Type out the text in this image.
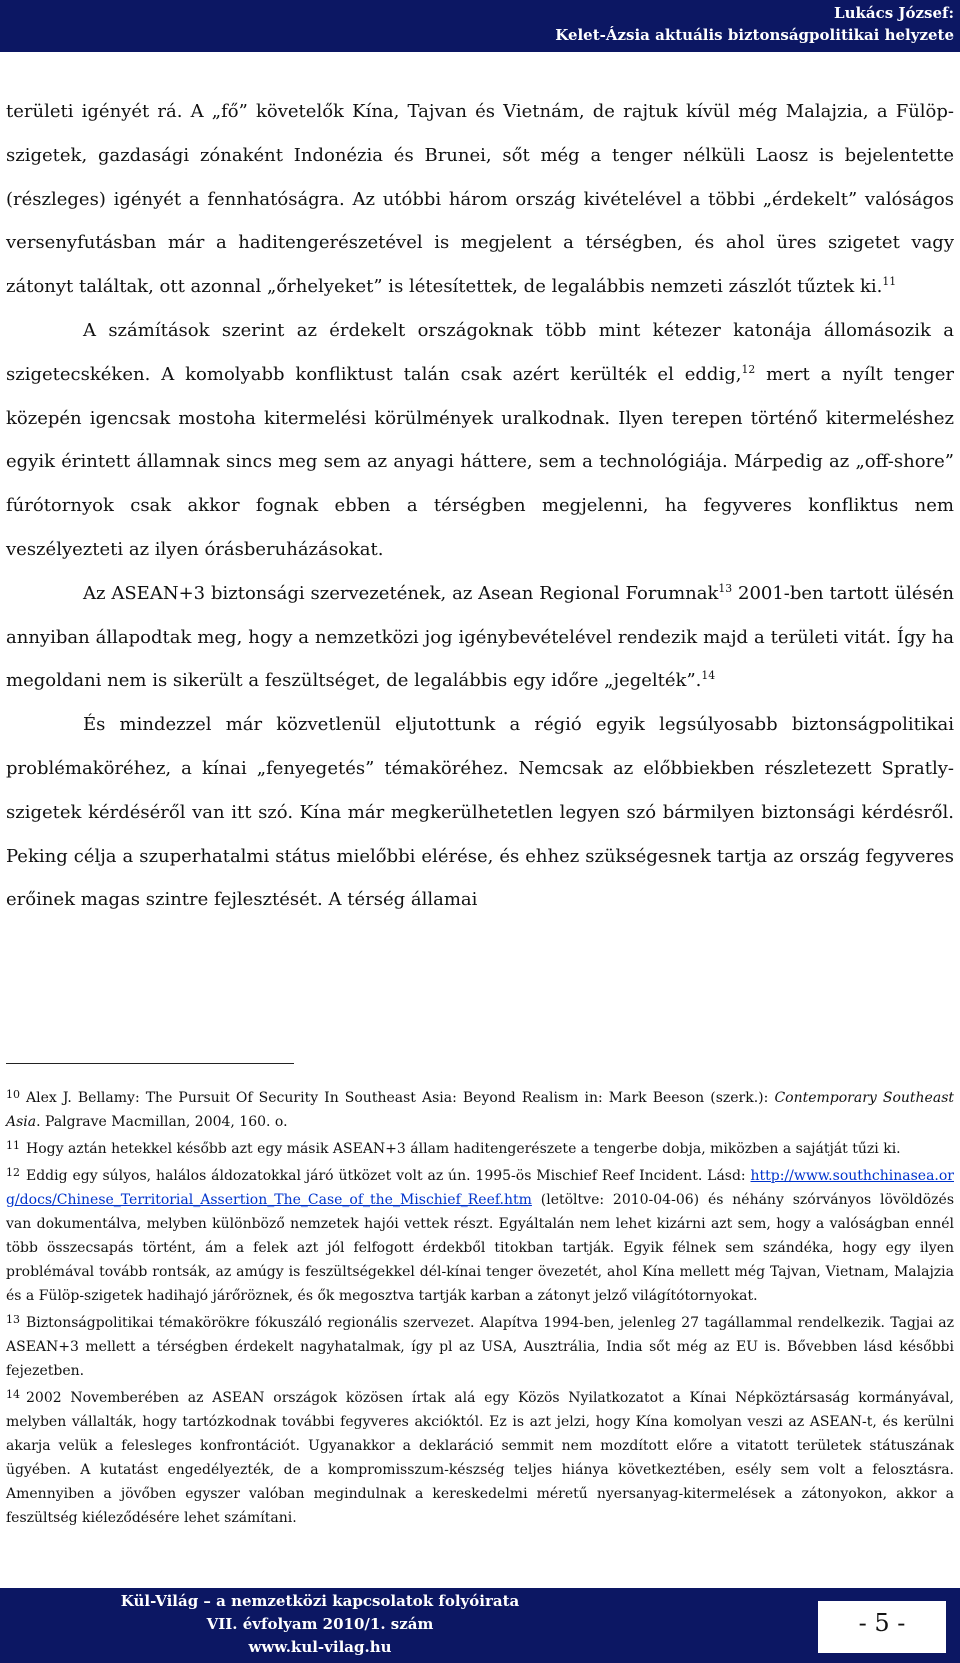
Lukács József:
Kelet-Ázsia aktuális biztonságpolitikai helyzete

területi igényét rá. A „fő” követelők Kína, Tajvan és Vietnám, de rajtuk kívül még Malajzia, a Fülöp-szigetek, gazdasági zónaként Indonézia és Brunei, sőt még a tenger nélküli Laosz is bejelentette (részleges) igényét a fennhatóságra. Az utóbbi három ország kivételével a többi „érdekelt” valóságos versenyfutásban már a haditengerészetével is megjelent a térségben, és ahol üres szigetet vagy zátonyt találtak, ott azonnal „őrhelyeket” is létesítettek, de legalábbis nemzeti zászlót tűztek ki.$^{11}$

A számítások szerint az érdekelt országoknak több mint kétezer katonája állomásozik a szigetecskéken. A komolyabb konfliktust talán csak azért kerülték el eddig,$^{12}$ mert a nyílt tenger közepén igencsak mostoha kitermelési körülmények uralkodnak. Ilyen terepen történő kitermeléshez egyik érintett államnak sincs meg sem az anyagi háttere, sem a technológiája. Márpedig az „off-shore” fúrótornyok csak akkor fognak ebben a térségben megjelenni, ha fegyveres konfliktus nem veszélyezteti az ilyen órásberuházásokat.

Az ASEAN+3 biztonsági szervezetének, az Asean Regional Forumnak$^{13}$ 2001-ben tartott ülésén annyiban állapodtak meg, hogy a nemzetközi jog igénybevételével rendezik majd a területi vitát. Így ha megoldani nem is sikerült a feszültséget, de legalábbis egy időre „jegelték”.$^{14}$

És mindezzel már közvetlenül eljutottunk a régió egyik legsúlyosabb biztonságpolitikai problémaköréhez, a kínai „fenyegetés” témaköréhez. Nemcsak az előbbiekben részletezett Spratly-szigetek kérdéséről van itt szó. Kína már megkerülhetetlen legyen szó bármilyen biztonsági kérdésről. Peking célja a szuperhatalmi státus mielőbbi elérése, és ehhez szükségesnek tartja az ország fegyveres erőinek magas szintre fejlesztését. A térség államai

$^{10}$ Alex J. Bellamy: The Pursuit Of Security In Southeast Asia: Beyond Realism in: Mark Beeson (szerk.): Contemporary Southeast Asia. Palgrave Macmillan, 2004, 160. o.

$^{11}$ Hogy aztán hetekkel később azt egy másik ASEAN+3 állam haditengerészete a tengerbe dobja, miközben a sajátját tűzi ki.

$^{12}$ Eddig egy súlyos, halálos áldozatokkal járó ütközet volt az ún. 1995-ös Mischief Reef Incident. Lásd: http://www.southchinasea.org/docs/Chinese_Territorial_Assertion_The_Case_of_the_Mischief_Reef.htm (letöltve: 2010-04-06) és néhány szórványos lövöldözés van dokumentálva, melyben különböző nemzetek hajói vettek részt. Egyáltalán nem lehet kizárni azt sem, hogy a valóságban ennél több összecsapás történt, ám a felek azt jól felfogott érdekből titokban tartják. Egyik félnek sem szándéka, hogy egy ilyen problémával tovább rontsák, az amúgy is feszültségekkel dél-kínai tenger övezetét, ahol Kína mellett még Tajvan, Vietnam, Malajzia és a Fülöp-szigetek hadihajó járőröznek, és ők megosztva tartják karban a zátonyt jelző világítótornyokat.

$^{13}$ Biztonságpolitikai témakörökre fókuszáló regionális szervezet. Alapítva 1994-ben, jelenleg 27 tagállammal rendelkezik. Tagjai az ASEAN+3 mellett a térségben érdekelt nagyhatalmak, így pl az USA, Ausztrália, India sőt még az EU is. Bővebben lásd későbbi fejezetben.

$^{14}$ 2002 Novemberében az ASEAN országok közösen írtak alá egy Közös Nyilatkozatot a Kínai Népköztársaság kormányával, melyben vállalták, hogy tartózkodnak további fegyveres akcióktól. Ez is azt jelzi, hogy Kína komolyan veszi az ASEAN-t, és kerülni akarja velük a felesleges konfrontációt. Ugyanakkor a deklaráció semmit nem mozdított előre a vitatott területek státuszának ügyében. A kutatást engedélyezték, de a kompromisszum-készség teljes hiánya következtében, esély sem volt a felosztásra. Amennyiben a jövőben egyszer valóban megindulnak a kereskedelmi méretű nyersanyag-kitermelések a zátonyokon, akkor a feszültség kiéleződésére lehet számítani.

Kül-Világ – a nemzetközi kapcsolatok folyóirata
VII. évfolyam 2010/1. szám
www.kul-vilag.hu
- 5 -
